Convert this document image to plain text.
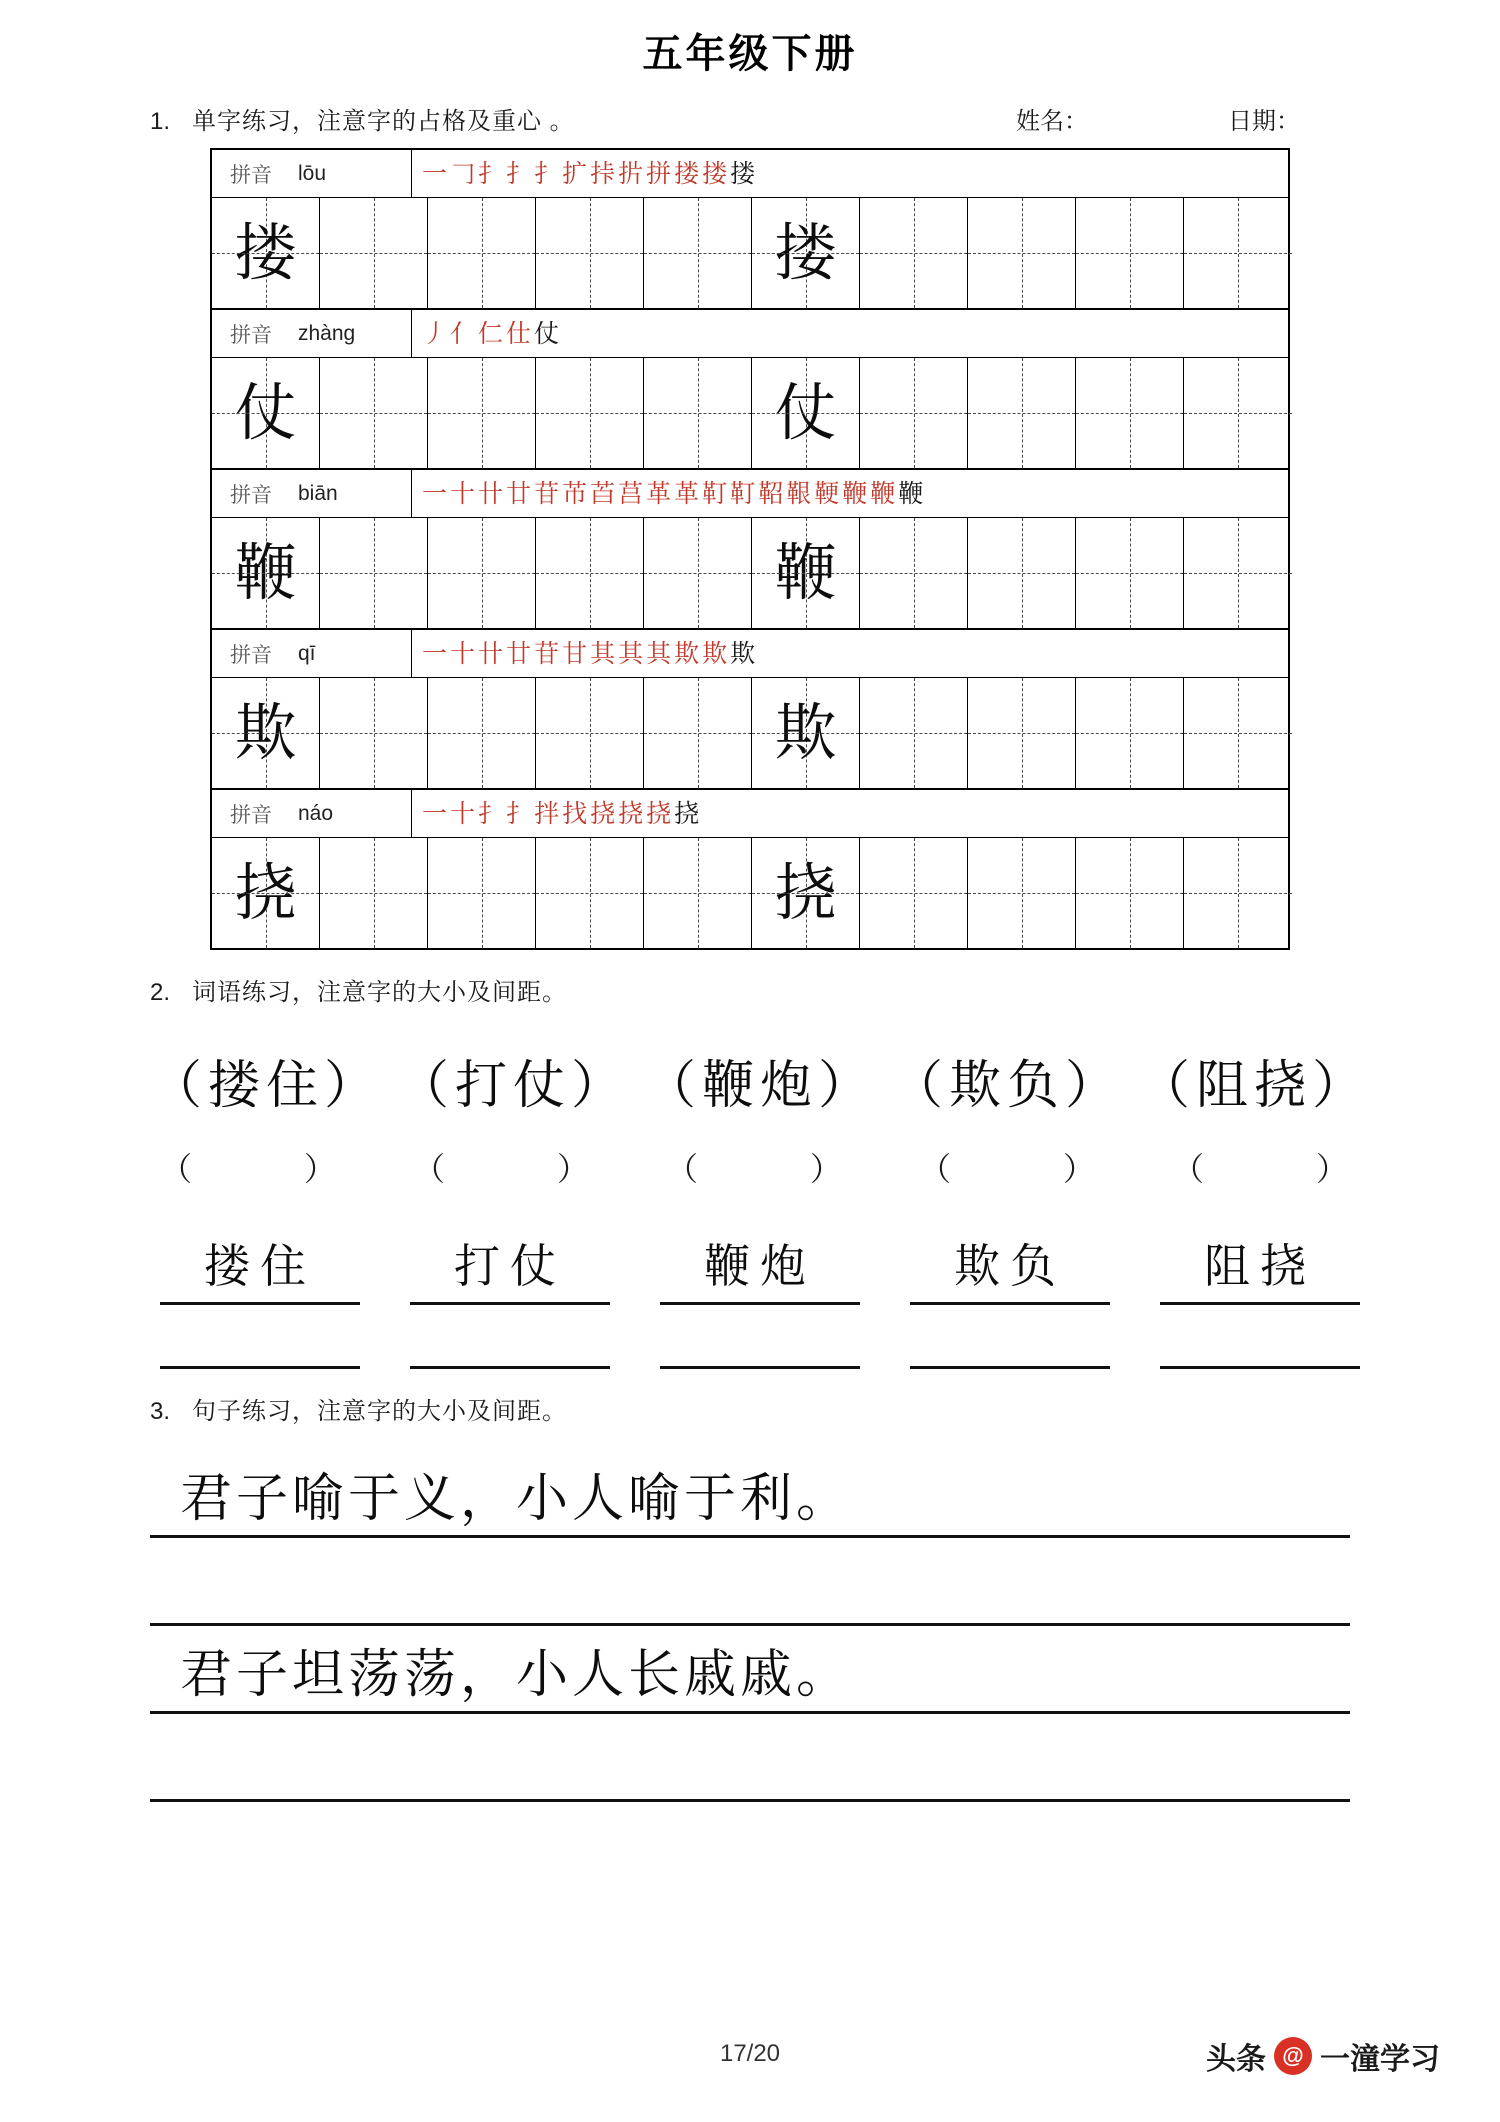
五年级下册
1. 单字练习，注意字的占格及重心 。	姓名：	日期：
拼音 lōu	一 𠃌 扌 扌 扌 扩 挊 扸 拼 搂 搂 搂
搂	搂
拼音 zhàng	丿 亻 仁 仕 仗
仗	仗
拼音 biān	一 十 卄 廿 苷 芇 苩 莒 革 革 靪 靪 鞀 鞎 鞕 鞭 鞭 鞭
鞭	鞭
拼音 qī	一 十 卄 廿 苷 甘 其 其 其 欺 欺 欺
欺	欺
拼音 náo	一 十 扌 扌 拌 找 挠 挠 挠 挠
挠	挠
2. 词语练习，注意字的大小及间距。
（搂住） （打仗） （鞭炮） （欺负） （阻挠）
（	） （	） （	） （	） （	）
搂住	打仗	鞭炮	欺负	阻挠
3. 句子练习，注意字的大小及间距。
君子喻于义，小人喻于利。
君子坦荡荡，小人长戚戚。
17/20	头条 @ 一潼学习
